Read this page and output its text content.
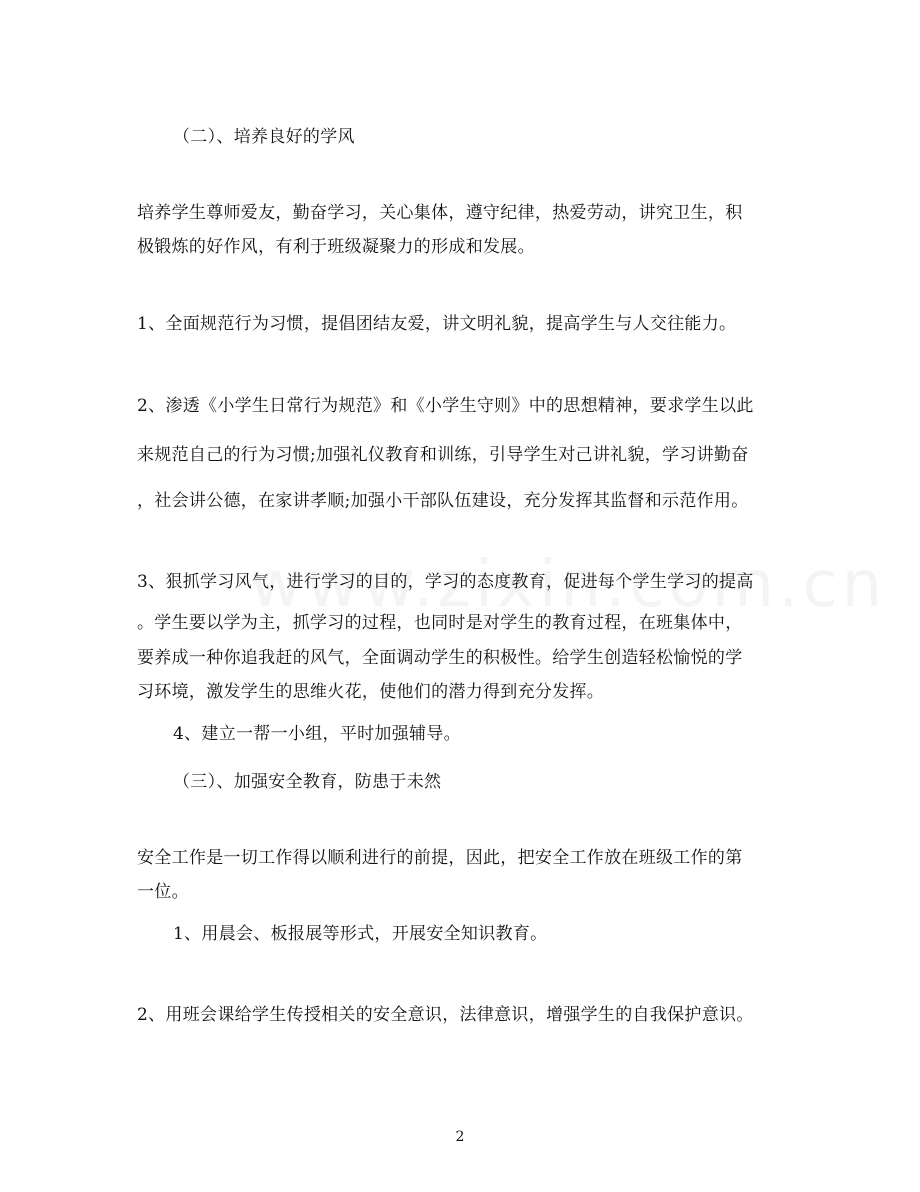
（二）、培养良好的学风
培养学生尊师爱友，勤奋学习，关心集体，遵守纪律，热爱劳动，讲究卫生，积
极锻炼的好作风，有利于班级凝聚力的形成和发展。
1、全面规范行为习惯，提倡团结友爱，讲文明礼貌，提高学生与人交往能力。
2、渗透《小学生日常行为规范》和《小学生守则》中的思想精神，要求学生以此
来规范自己的行为习惯;加强礼仪教育和训练，引导学生对己讲礼貌，学习讲勤奋
，社会讲公德，在家讲孝顺;加强小干部队伍建设，充分发挥其监督和示范作用。
3、狠抓学习风气，进行学习的目的，学习的态度教育，促进每个学生学习的提高
。学生要以学为主，抓学习的过程，也同时是对学生的教育过程，在班集体中，
要养成一种你追我赶的风气，全面调动学生的积极性。给学生创造轻松愉悦的学
习环境，激发学生的思维火花，使他们的潜力得到充分发挥。
4、建立一帮一小组，平时加强辅导。
（三）、加强安全教育，防患于未然
安全工作是一切工作得以顺利进行的前提，因此，把安全工作放在班级工作的第
一位。
1、用晨会、板报展等形式，开展安全知识教育。
2、用班会课给学生传授相关的安全意识，法律意识，增强学生的自我保护意识。
2
